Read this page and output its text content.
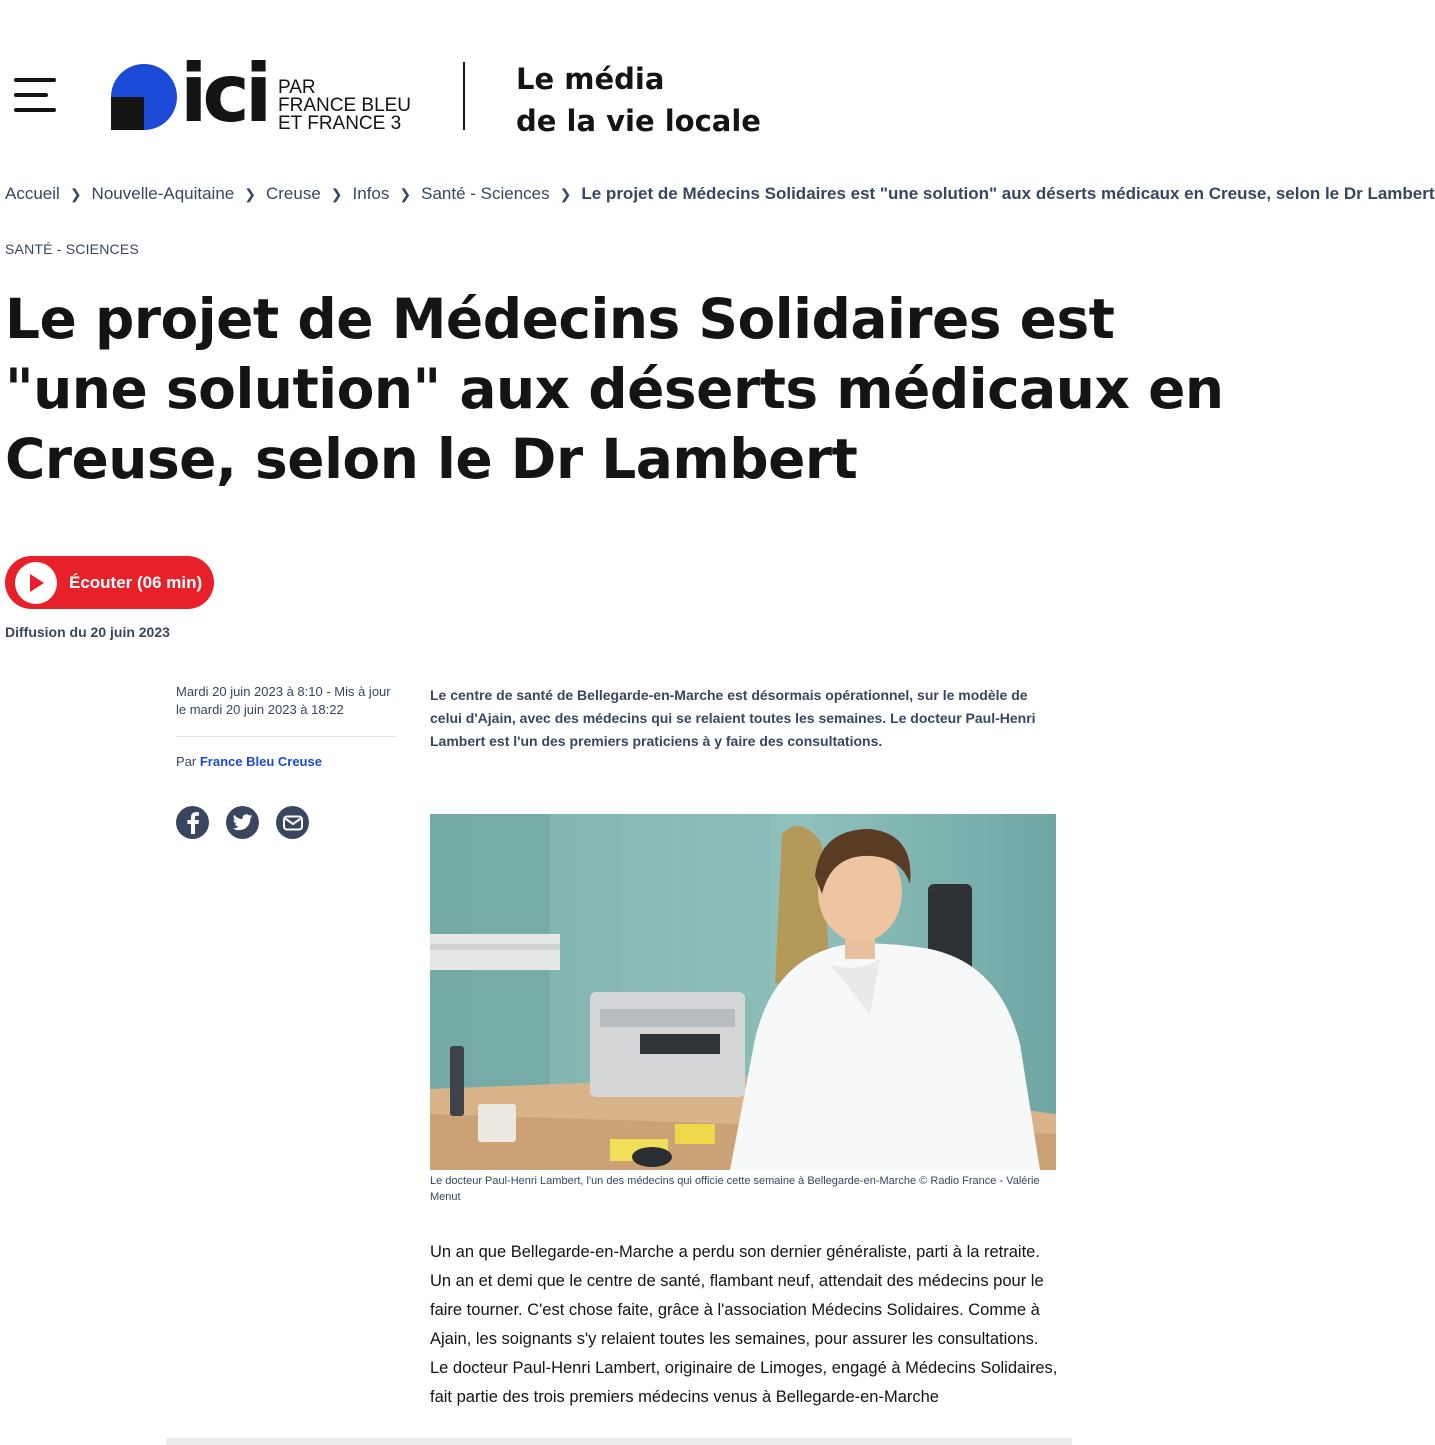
ici PAR
FRANCE BLEU
ET FRANCE 3
Le média
de la vie locale
Accueil ❯ Nouvelle-Aquitaine ❯ Creuse ❯ Infos ❯ Santé - Sciences ❯ Le projet de Médecins Solidaires est "une solution" aux déserts médicaux en Creuse, selon le Dr Lambert
SANTÉ - SCIENCES
Le projet de Médecins Solidaires est "une solution" aux déserts médicaux en Creuse, selon le Dr Lambert
Écouter (06 min)
Diffusion du 20 juin 2023
Mardi 20 juin 2023 à 8:10 - Mis à jour le mardi 20 juin 2023 à 18:22
Par France Bleu Creuse

Le centre de santé de Bellegarde-en-Marche est désormais opérationnel, sur le modèle de celui d'Ajain, avec des médecins qui se relaient toutes les semaines. Le docteur Paul-Henri Lambert est l'un des premiers praticiens à y faire des consultations.

Le docteur Paul-Henri Lambert, l'un des médecins qui officie cette semaine à Bellegarde-en-Marche © Radio France - Valérie Menut

Un an que Bellegarde-en-Marche a perdu son dernier généraliste, parti à la retraite. Un an et demi que le centre de santé, flambant neuf, attendait des médecins pour le faire tourner. C'est chose faite, grâce à l'association Médecins Solidaires. Comme à Ajain, les soignants s'y relaient toutes les semaines, pour assurer les consultations. Le docteur Paul-Henri Lambert, originaire de Limoges, engagé à Médecins Solidaires, fait partie des trois premiers médecins venus à Bellegarde-en-Marche
